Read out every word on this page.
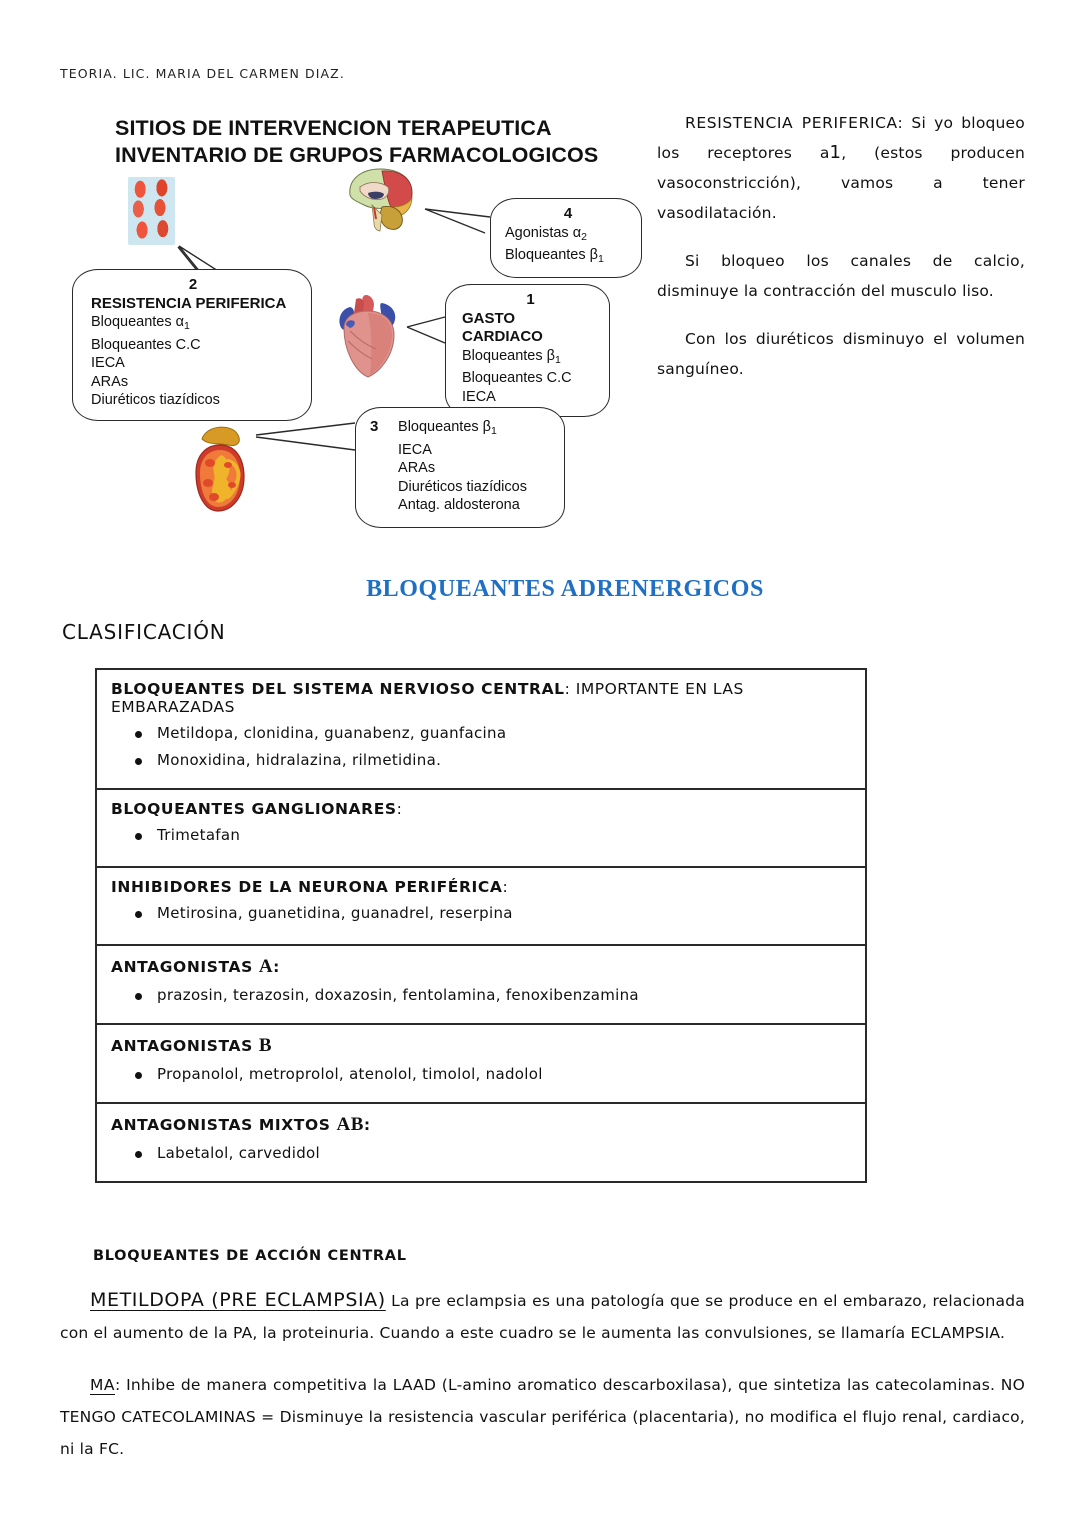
TEORIA. LIC. MARIA DEL CARMEN DIAZ.
SITIOS DE INTERVENCION TERAPEUTICA
INVENTARIO DE GRUPOS FARMACOLOGICOS
2
RESISTENCIA PERIFERICA
Bloqueantes $\alpha_1$
Bloqueantes C.C
IECA
ARAs
Diuréticos tiazídicos
4
Agonistas $\alpha_2$
Bloqueantes $\beta_1$
1
GASTO CARDIACO
Bloqueantes $\beta_1$
Bloqueantes C.C
IECA
3 Bloqueantes $\beta_1$
IECA
ARAs
Diuréticos tiazídicos
Antag. aldosterona

RESISTENCIA PERIFERICA: Si yo bloqueo los receptores a1, (estos producen vasoconstricción), vamos a tener vasodilatación.

Si bloqueo los canales de calcio, disminuye la contracción del musculo liso.

Con los diuréticos disminuyo el volumen sanguíneo.

BLOQUEANTES ADRENERGICOS
CLASIFICACIÓN
BLOQUEANTES DEL SISTEMA NERVIOSO CENTRAL: IMPORTANTE EN LAS EMBARAZADAS
Metildopa, clonidina, guanabenz, guanfacina
Monoxidina, hidralazina, rilmetidina.
BLOQUEANTES GANGLIONARES:
Trimetafan
INHIBIDORES DE LA NEURONA PERIFÉRICA:
Metirosina, guanetidina, guanadrel, reserpina
ANTAGONISTAS A:
prazosin, terazosin, doxazosin, fentolamina, fenoxibenzamina
ANTAGONISTAS B
Propanolol, metroprolol, atenolol, timolol, nadolol
ANTAGONISTAS MIXTOS AB:
Labetalol, carvedidol
BLOQUEANTES DE ACCIÓN CENTRAL

METILDOPA (PRE ECLAMPSIA) La pre eclampsia es una patología que se produce en el embarazo, relacionada con el aumento de la PA, la proteinuria. Cuando a este cuadro se le aumenta las convulsiones, se llamaría ECLAMPSIA.

MA: Inhibe de manera competitiva la LAAD (L-amino aromatico descarboxilasa), que sintetiza las catecolaminas. NO TENGO CATECOLAMINAS = Disminuye la resistencia vascular periférica (placentaria), no modifica el flujo renal, cardiaco, ni la FC.
